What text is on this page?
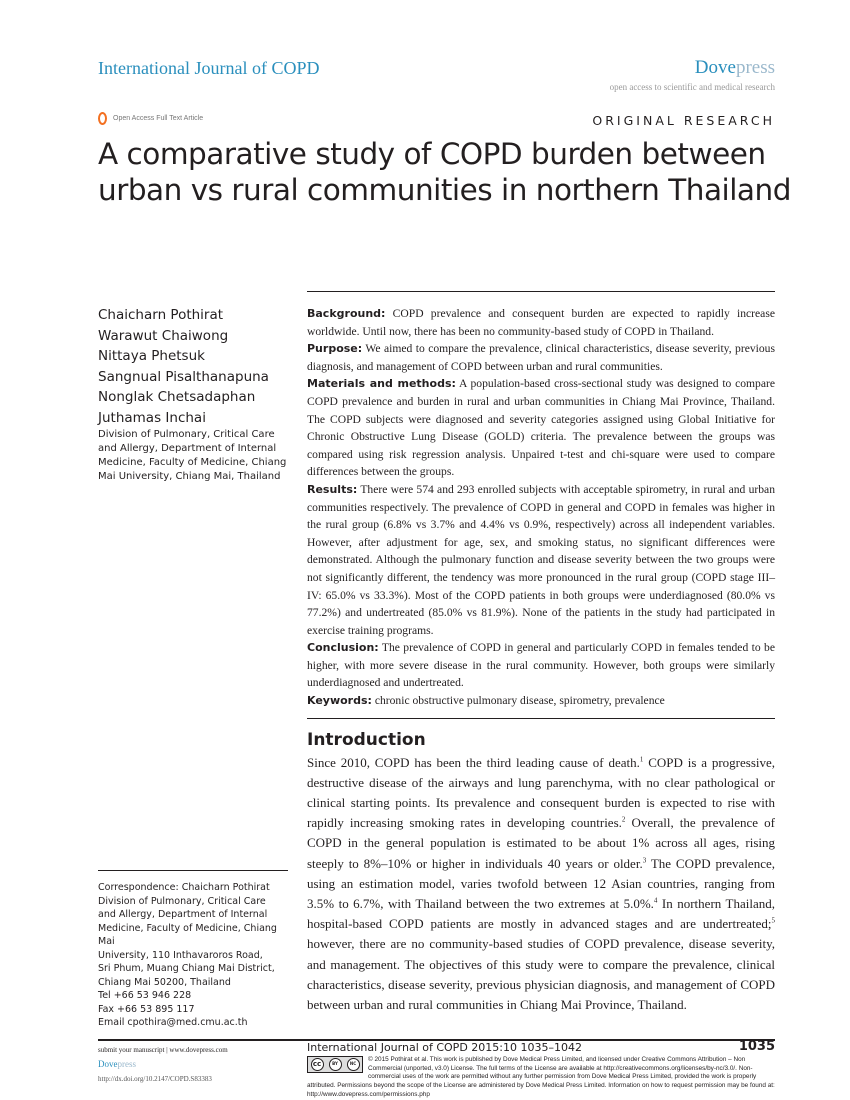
International Journal of COPD	Dovepress
open access to scientific and medical research
Open Access Full Text Article	ORIGINAL RESEARCH
A comparative study of COPD burden between urban vs rural communities in northern Thailand
Chaicharn Pothirat
Warawut Chaiwong
Nittaya Phetsuk
Sangnual Pisalthanapuna
Nonglak Chetsadaphan
Juthamas Inchai
Division of Pulmonary, Critical Care and Allergy, Department of Internal Medicine, Faculty of Medicine, Chiang Mai University, Chiang Mai, Thailand
Correspondence: Chaicharn Pothirat
Division of Pulmonary, Critical Care
and Allergy, Department of Internal
Medicine, Faculty of Medicine, Chiang Mai
University, 110 Inthavaroros Road,
Sri Phum, Muang Chiang Mai District,
Chiang Mai 50200, Thailand
Tel +66 53 946 228
Fax +66 53 895 117
Email cpothira@med.cmu.ac.th

Background: COPD prevalence and consequent burden are expected to rapidly increase worldwide. Until now, there has been no community-based study of COPD in Thailand.

Purpose: We aimed to compare the prevalence, clinical characteristics, disease severity, previous diagnosis, and management of COPD between urban and rural communities.

Materials and methods: A population-based cross-sectional study was designed to compare COPD prevalence and burden in rural and urban communities in Chiang Mai Province, Thailand. The COPD subjects were diagnosed and severity categories assigned using Global Initiative for Chronic Obstructive Lung Disease (GOLD) criteria. The prevalence between the groups was compared using risk regression analysis. Unpaired t-test and chi-square were used to compare differences between the groups.

Results: There were 574 and 293 enrolled subjects with acceptable spirometry, in rural and urban communities respectively. The prevalence of COPD in general and COPD in females was higher in the rural group (6.8% vs 3.7% and 4.4% vs 0.9%, respectively) across all independent variables. However, after adjustment for age, sex, and smoking status, no significant differences were demonstrated. Although the pulmonary function and disease severity between the two groups were not significantly different, the tendency was more pronounced in the rural group (COPD stage III–IV: 65.0% vs 33.3%). Most of the COPD patients in both groups were underdiagnosed (80.0% vs 77.2%) and undertreated (85.0% vs 81.9%). None of the patients in the study had participated in exercise training programs.

Conclusion: The prevalence of COPD in general and particularly COPD in females tended to be higher, with more severe disease in the rural community. However, both groups were similarly underdiagnosed and undertreated.

Keywords: chronic obstructive pulmonary disease, spirometry, prevalence

Introduction
Since 2010, COPD has been the third leading cause of death.$^1$ COPD is a progressive, destructive disease of the airways and lung parenchyma, with no clear pathological or clinical starting points. Its prevalence and consequent burden is expected to rise with rapidly increasing smoking rates in developing countries.$^2$ Overall, the prevalence of COPD in the general population is estimated to be about 1% across all ages, rising steeply to 8%–10% or higher in individuals 40 years or older.$^3$ The COPD prevalence, using an estimation model, varies twofold between 12 Asian countries, ranging from 3.5% to 6.7%, with Thailand between the two extremes at 5.0%.$^4$ In northern Thailand, hospital-based COPD patients are mostly in advanced stages and are undertreated;$^5$ however, there are no community-based studies of COPD prevalence, disease severity, and management. The objectives of this study were to compare the prevalence, clinical characteristics, disease severity, previous physician diagnosis, and management of COPD between urban and rural communities in Chiang Mai Province, Thailand.
submit your manuscript | www.dovepress.com
Dovepress
http://dx.doi.org/10.2147/COPD.S83383
International Journal of COPD 2015:10 1035–1042	1035
cc	BY	NC
© 2015 Pothirat et al. This work is published by Dove Medical Press Limited, and licensed under Creative Commons Attribution – Non Commercial (unported, v3.0) License. The full terms of the License are available at http://creativecommons.org/licenses/by-nc/3.0/. Non-commercial uses of the work are permitted without any further permission from Dove Medical Press Limited, provided the work is properly attributed. Permissions beyond the scope of the License are administered by Dove Medical Press Limited. Information on how to request permission may be found at: http://www.dovepress.com/permissions.php
